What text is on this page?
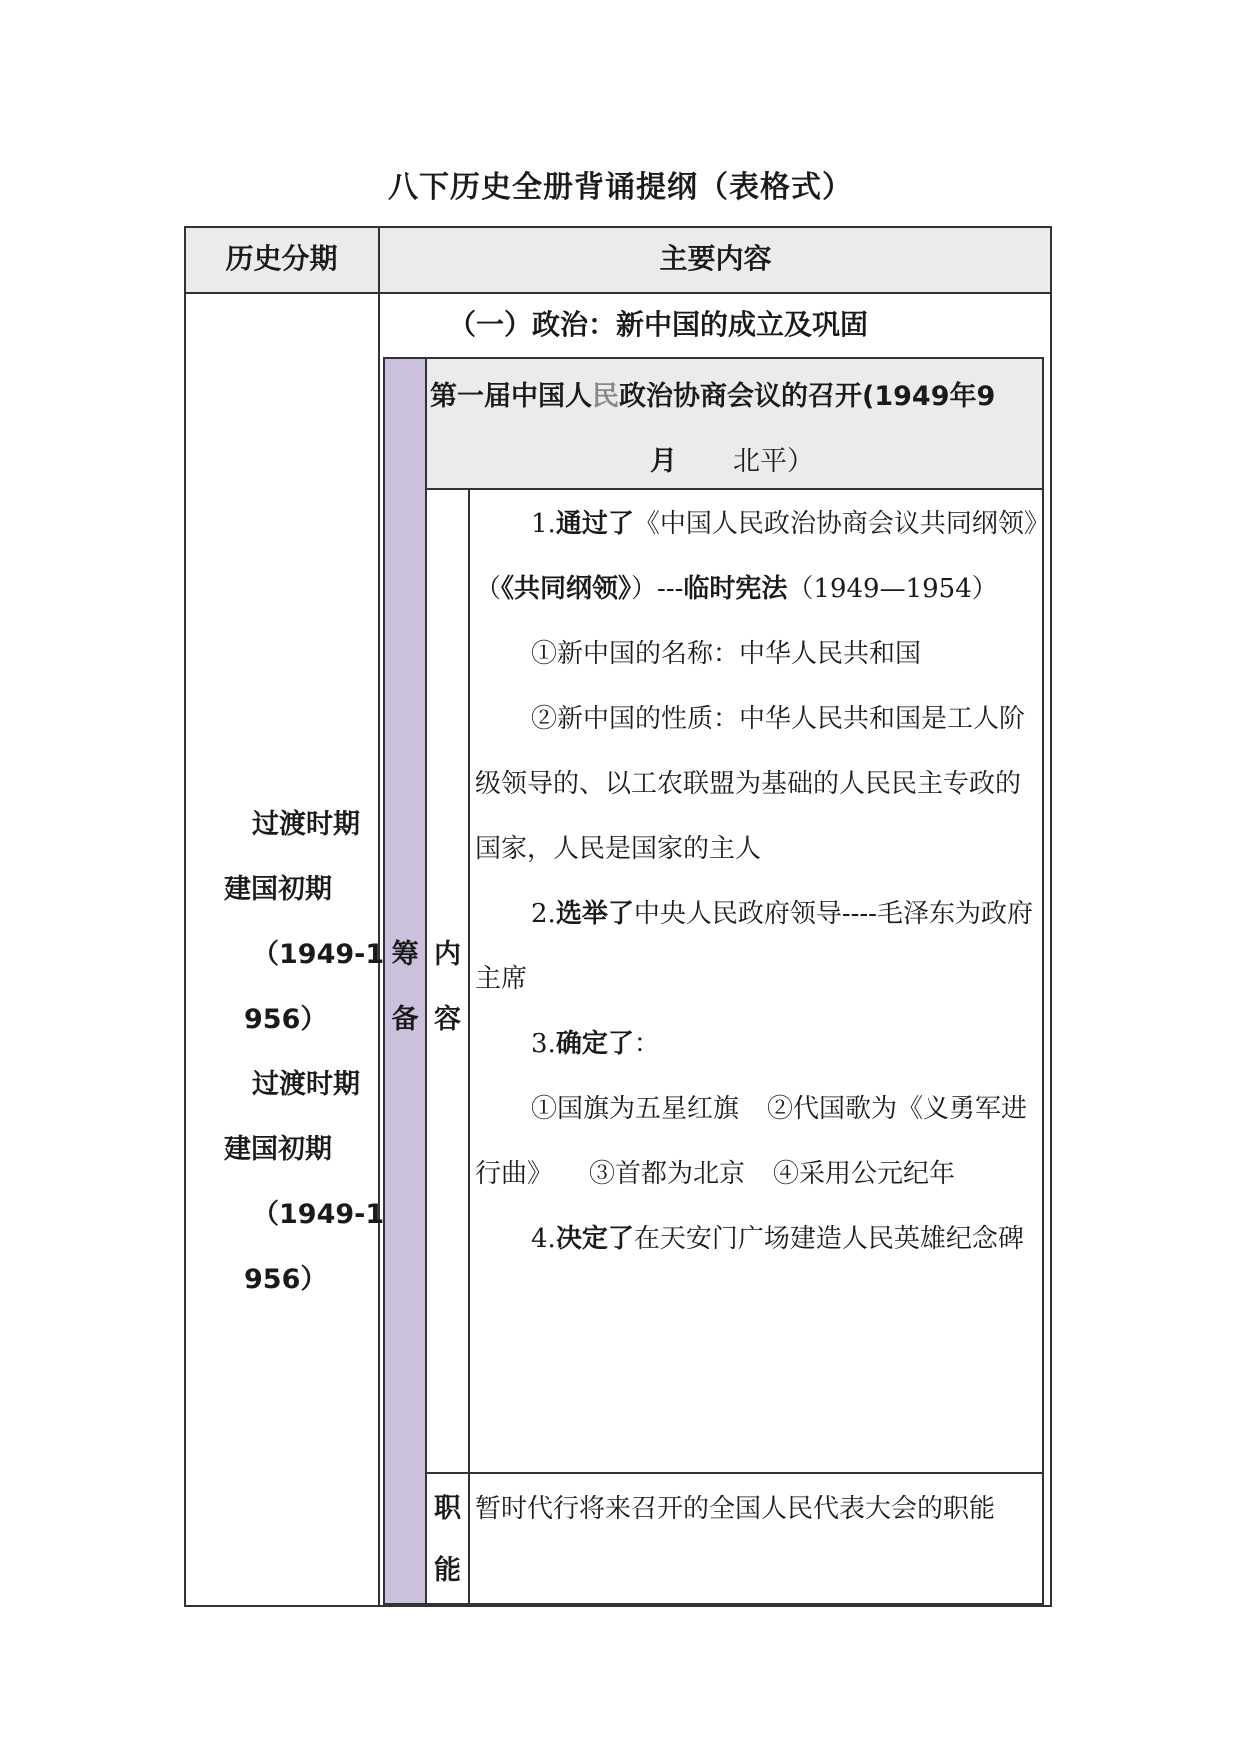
八下历史全册背诵提纲（表格式）
历史分期	主要内容
过渡时期
建国初期
（1949-1
956）
过渡时期
建国初期
（1949-1
956）
（一）政治：新中国的成立及巩固
第一届中国人民政治协商会议的召开(1949年9
月 北平）
筹
备
内
容

1.通过了《中国人民政治协商会议共同纲领》（《共同纲领》）---临时宪法（1949—1954）

①新中国的名称：中华人民共和国

②新中国的性质：中华人民共和国是工人阶级领导的、以工农联盟为基础的人民民主专政的国家，人民是国家的主人

2.选举了中央人民政府领导----毛泽东为政府主席

3.确定了：

①国旗为五星红旗 ②代国歌为《义勇军进行曲》 ③首都为北京 ④采用公元纪年

4.决定了在天安门广场建造人民英雄纪念碑

职
能
暂时代行将来召开的全国人民代表大会的职能
